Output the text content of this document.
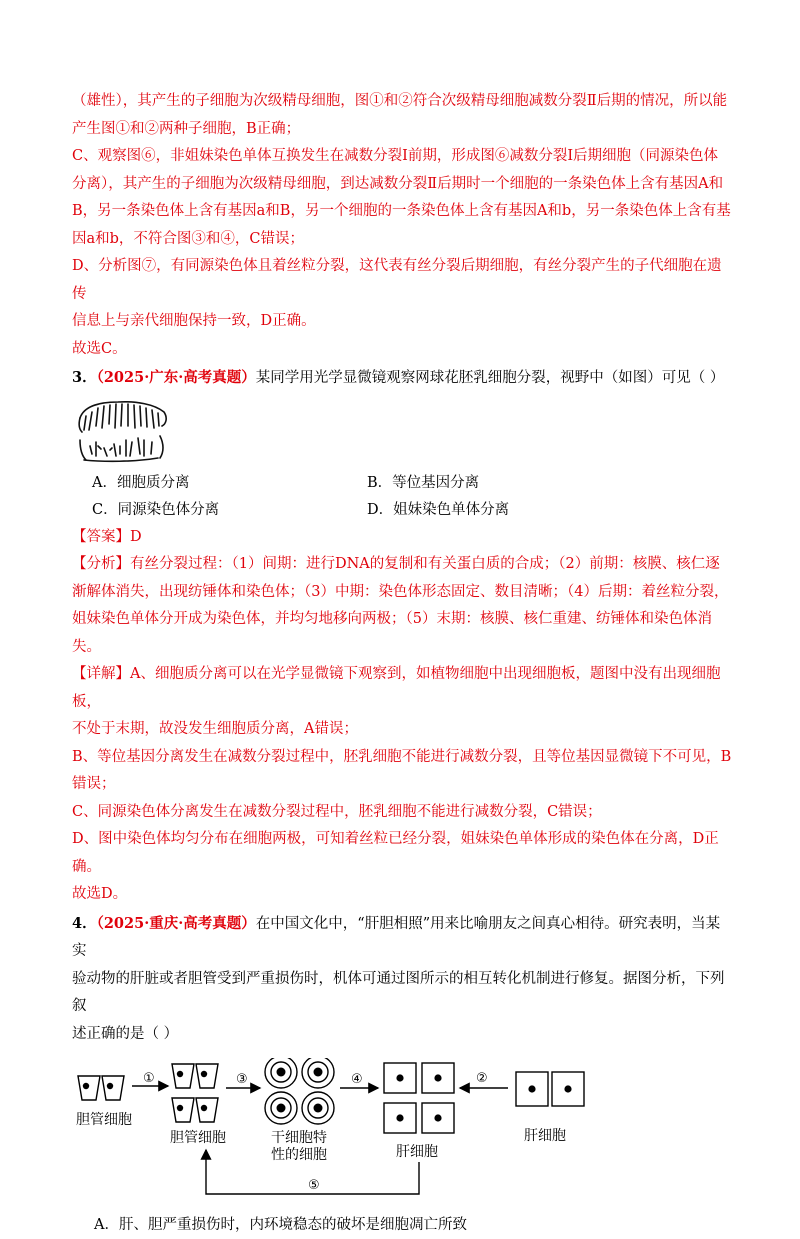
（雄性），其产生的子细胞为次级精母细胞，图①和②符合次级精母细胞减数分裂Ⅱ后期的情况，所以能

产生图①和②两种子细胞，B正确；

C、观察图⑥，非姐妹染色单体互换发生在减数分裂Ⅰ前期，形成图⑥减数分裂Ⅰ后期细胞（同源染色体

分离），其产生的子细胞为次级精母细胞，到达减数分裂Ⅱ后期时一个细胞的一条染色体上含有基因A和

B，另一条染色体上含有基因a和B，另一个细胞的一条染色体上含有基因A和b，另一条染色体上含有基

因a和b，不符合图③和④，C错误；

D、分析图⑦，有同源染色体且着丝粒分裂，这代表有丝分裂后期细胞，有丝分裂产生的子代细胞在遗传

信息上与亲代细胞保持一致，D正确。

故选C。

3．（2025·广东·高考真题）某同学用光学显微镜观察网球花胚乳细胞分裂，视野中（如图）可见（ ）

A．细胞质分离	B．等位基因分离
C．同源染色体分离	D．姐妹染色单体分离

【答案】D

【分析】有丝分裂过程：（1）间期：进行DNA的复制和有关蛋白质的合成；（2）前期：核膜、核仁逐

渐解体消失，出现纺锤体和染色体；（3）中期：染色体形态固定、数目清晰；（4）后期：着丝粒分裂，

姐妹染色单体分开成为染色体，并均匀地移向两极；（5）末期：核膜、核仁重建、纺锤体和染色体消失。

【详解】A、细胞质分离可以在光学显微镜下观察到，如植物细胞中出现细胞板，题图中没有出现细胞板，

不处于末期，故没发生细胞质分离，A错误；

B、等位基因分离发生在减数分裂过程中，胚乳细胞不能进行减数分裂，且等位基因显微镜下不可见，B

错误；

C、同源染色体分离发生在减数分裂过程中，胚乳细胞不能进行减数分裂，C错误；

D、图中染色体均匀分布在细胞两极，可知着丝粒已经分裂，姐妹染色单体形成的染色体在分离，D正确。

故选D。

4．（2025·重庆·高考真题）在中国文化中，“肝胆相照”用来比喻朋友之间真心相待。研究表明，当某实

验动物的肝脏或者胆管受到严重损伤时，机体可通过图所示的相互转化机制进行修复。据图分析，下列叙

述正确的是（ ）

①	②
③	④
⑤
胆管细胞
胆管细胞	干细胞特
性的细胞	肝细胞
肝细胞
A．肝、胆严重损伤时，内环境稳态的破坏是细胞凋亡所致
